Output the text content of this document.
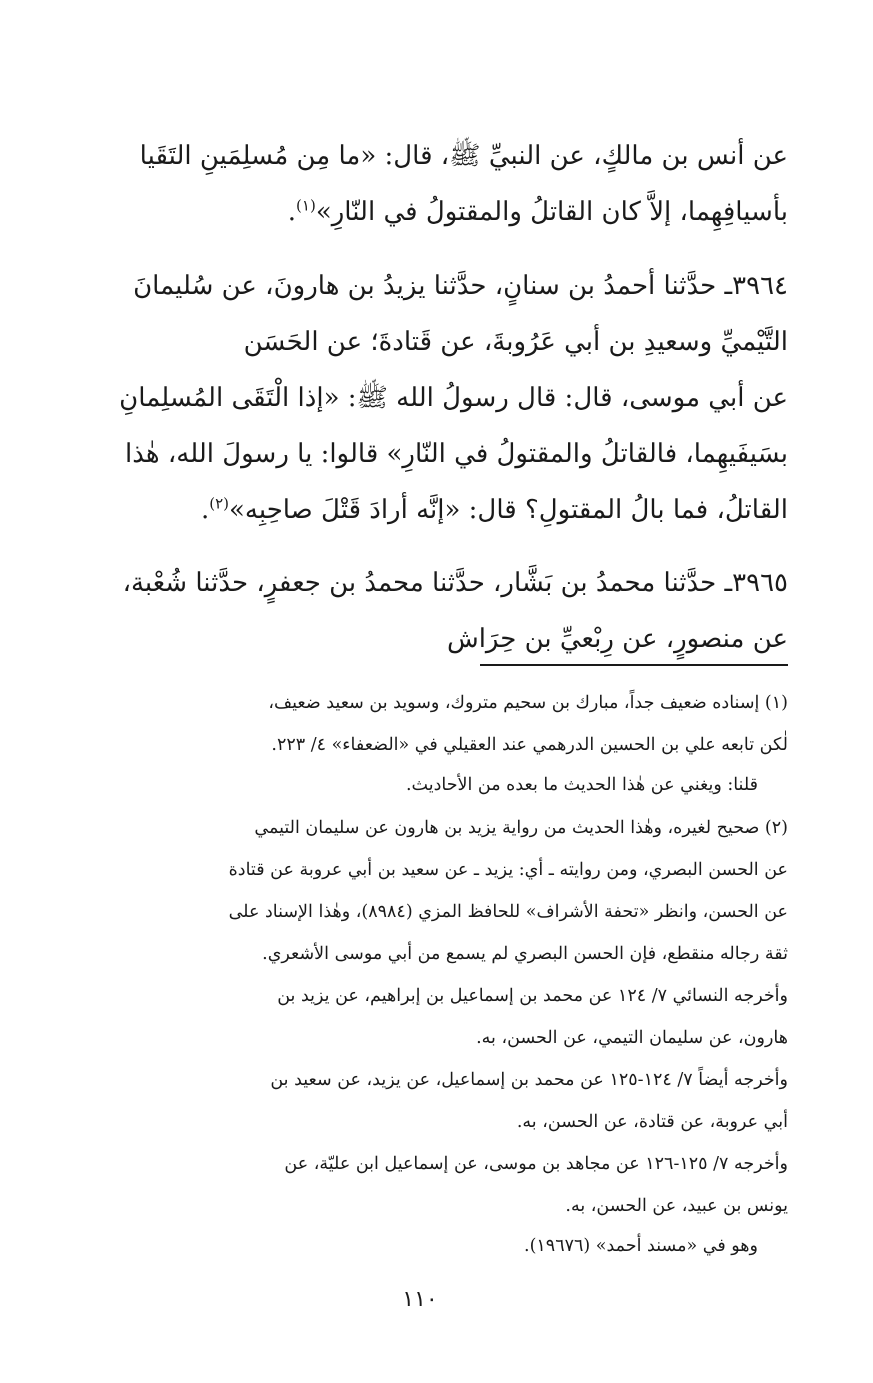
عن أنس بن مالكٍ، عن النبيِّ ﷺ، قال: «ما مِن مُسلِمَينِ التَقَيا

بأسيافِهِما، إلاَّ كان القاتلُ والمقتولُ في النّارِ»$^{(١)}$.

٣٩٦٤ـ حدَّثنا أحمدُ بن سنانٍ، حدَّثنا يزيدُ بن هارونَ، عن سُليمانَ

التَّيْميِّ وسعيدِ بن أبي عَرُوبةَ، عن قَتادةَ؛ عن الحَسَن

عن أبي موسى، قال: قال رسولُ الله ﷺ: «إذا الْتَقَى المُسلِمانِ

بسَيفَيهِما، فالقاتلُ والمقتولُ في النّارِ» قالوا: يا رسولَ الله، هٰذا

القاتلُ، فما بالُ المقتولِ؟ قال: «إنَّه أرادَ قَتْلَ صاحِبِه»$^{(٢)}$.

٣٩٦٥ـ حدَّثنا محمدُ بن بَشَّار، حدَّثنا محمدُ بن جعفرٍ، حدَّثنا شُعْبة،

عن منصورٍ، عن رِبْعيِّ بن حِرَاش

(١) إسناده ضعيف جداً، مبارك بن سحيم متروك، وسويد بن سعيد ضعيف،

لٰكن تابعه علي بن الحسين الدرهمي عند العقيلي في «الضعفاء» ٤/ ٢٢٣.

قلنا: ويغني عن هٰذا الحديث ما بعده من الأحاديث.

(٢) صحيح لغيره، وهٰذا الحديث من رواية يزيد بن هارون عن سليمان التيمي

عن الحسن البصري، ومن روايته ـ أي: يزيد ـ عن سعيد بن أبي عروبة عن قتادة

عن الحسن، وانظر «تحفة الأشراف» للحافظ المزي (٨٩٨٤)، وهٰذا الإسناد على

ثقة رجاله منقطع، فإن الحسن البصري لم يسمع من أبي موسى الأشعري.

وأخرجه النسائي ٧/ ١٢٤ عن محمد بن إسماعيل بن إبراهيم، عن يزيد بن

هارون، عن سليمان التيمي، عن الحسن، به.

وأخرجه أيضاً ٧/ ١٢٤-١٢٥ عن محمد بن إسماعيل، عن يزيد، عن سعيد بن

أبي عروبة، عن قتادة، عن الحسن، به.

وأخرجه ٧/ ١٢٥-١٢٦ عن مجاهد بن موسى، عن إسماعيل ابن عليّة، عن

يونس بن عبيد، عن الحسن، به.

وهو في «مسند أحمد» (١٩٦٧٦).

١١٠
